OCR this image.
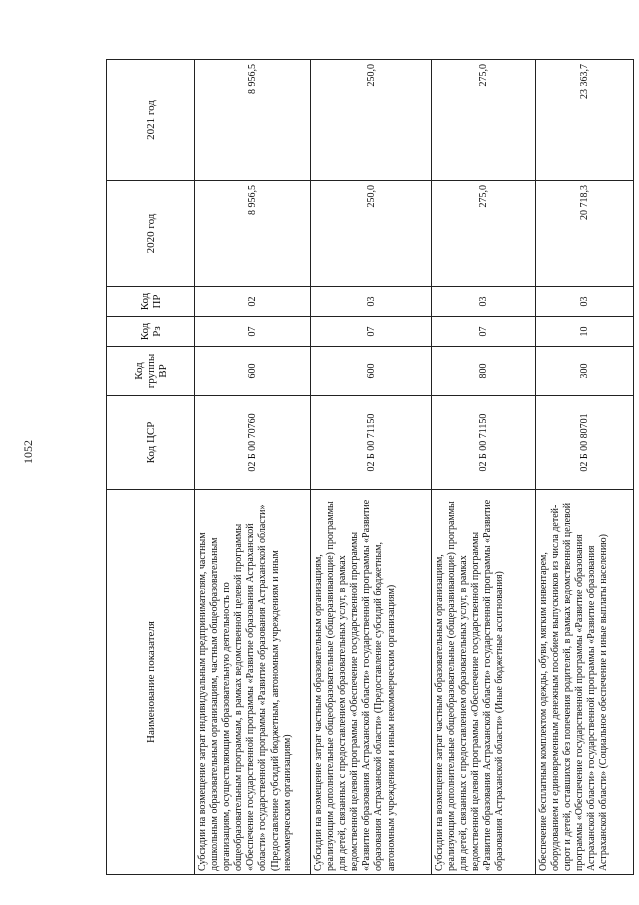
1052
Наименование показателя	Код ЦСР	Код группы ВР	Код Рз	Код ПР	2020 год	2021 год
Субсидии на возмещение затрат индивидуальным предпринимателям, частным дошкольным образовательным организациям, частным общеобразовательным организациям, осуществляющим образовательную деятельность по общеобразовательным программам, в рамках ведомственной целевой программы «Обеспечение государственной программы «Развитие образования Астраханской области» государственной программы «Развитие образования Астраханской области» (Предоставление субсидий бюджетным, автономным учреждениям и иным некоммерческим организациям)	02 Б 00 70760	600	07	02	8 956,5	8 956,5
Субсидии на возмещение затрат частным образовательным организациям, реализующим дополнительные общеобразовательные (общеразвивающие) программы для детей, связанных с предоставлением образовательных услуг, в рамках ведомственной целевой программы «Обеспечение государственной программы «Развитие образования Астраханской области» государственной программы «Развитие образования Астраханской области» (Предоставление субсидий бюджетным, автономным учреждениям и иным некоммерческим организациям)	02 Б 00 71150	600	07	03	250,0	250,0
Субсидии на возмещение затрат частным образовательным организациям, реализующим дополнительные общеобразовательные (общеразвивающие) программы для детей, связанных с предоставлением образовательных услуг, в рамках ведомственной целевой программы «Обеспечение государственной программы «Развитие образования Астраханской области» государственной программы «Развитие образования Астраханской области» (Иные бюджетные ассигнования)	02 Б 00 71150	800	07	03	275,0	275,0
Обеспечение бесплатным комплектом одежды, обуви, мягким инвентарем, оборудованием и единовременным денежным пособием выпускников из числа детей-сирот и детей, оставшихся без попечения родителей, в рамках ведомственной целевой программы «Обеспечение государственной программы «Развитие образования Астраханской области» государственной программы «Развитие образования Астраханской области» (Социальное обеспечение и иные выплаты населению)	02 Б 00 80701	300	10	03	20 718,3	23 363,7
